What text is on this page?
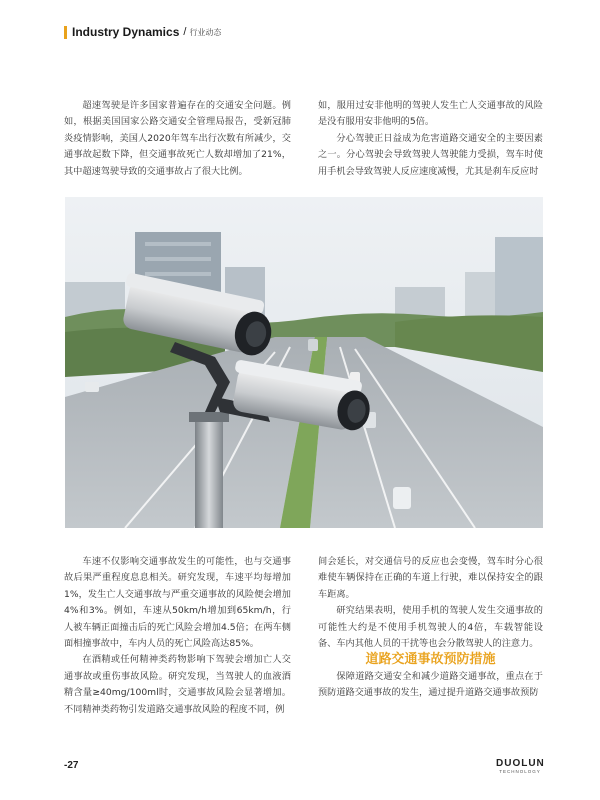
Industry Dynamics / 行业动态

超速驾驶是许多国家普遍存在的交通安全问题。例如，根据美国国家公路交通安全管理局报告，受新冠肺炎疫情影响，美国人2020年驾车出行次数有所减少，交通事故起数下降，但交通事故死亡人数却增加了21%，其中超速驾驶导致的交通事故占了很大比例。

如，服用过安非他明的驾驶人发生亡人交通事故的风险是没有服用安非他明的5倍。

分心驾驶正日益成为危害道路交通安全的主要因素之一。分心驾驶会导致驾驶人驾驶能力受损，驾车时使用手机会导致驾驶人反应速度减慢，尤其是刹车反应时

车速不仅影响交通事故发生的可能性，也与交通事故后果严重程度息息相关。研究发现，车速平均每增加1%，发生亡人交通事故与严重交通事故的风险便会增加4%和3%。例如，车速从50km/h增加到65km/h，行人被车辆正面撞击后的死亡风险会增加4.5倍；在两车侧面相撞事故中，车内人员的死亡风险高达85%。

在酒精或任何精神类药物影响下驾驶会增加亡人交通事故或重伤事故风险。研究发现，当驾驶人的血液酒精含量≥40mg/100ml时，交通事故风险会显著增加。不同精神类药物引发道路交通事故风险的程度不同，例

间会延长，对交通信号的反应也会变慢，驾车时分心很难使车辆保持在正确的车道上行驶，难以保持安全的跟车距离。

研究结果表明，使用手机的驾驶人发生交通事故的可能性大约是不使用手机驾驶人的4倍，车载智能设备、车内其他人员的干扰等也会分散驾驶人的注意力。

道路交通事故预防措施

保障道路交通安全和减少道路交通事故，重点在于预防道路交通事故的发生，通过提升道路交通事故预防

-27	DUOLUN
TECHNOLOGY
